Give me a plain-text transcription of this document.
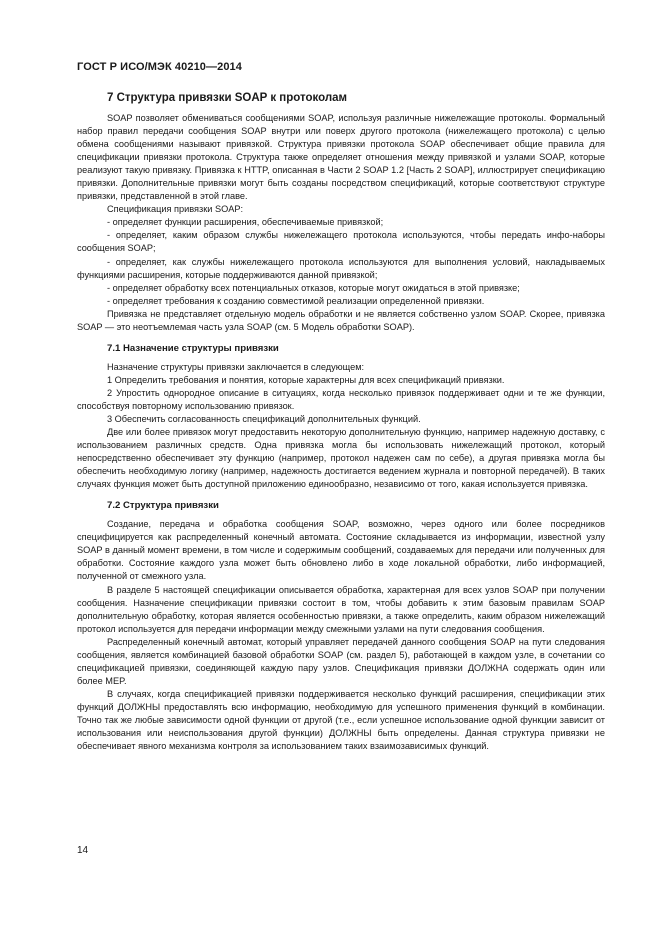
ГОСТ Р ИСО/МЭК 40210—2014
7 Структура привязки SOAP к протоколам

SOAP позволяет обмениваться сообщениями SOAP, используя различные нижележащие протоколы. Формальный набор правил передачи сообщения SOAP внутри или поверх другого протокола (нижележащего протокола) с целью обмена сообщениями называют привязкой. Структура привязки протокола SOAP обеспечивает общие правила для спецификации привязки протокола. Структура также определяет отношения между привязкой и узлами SOAP, которые реализуют такую привязку. Привязка к HTTP, описанная в Части 2 SOAP 1.2 [Часть 2 SOAP], иллюстрирует спецификацию привязки. Дополнительные привязки могут быть созданы посредством спецификаций, которые соответствуют структуре привязки, представленной в этой главе.

Спецификация привязки SOAP:

- определяет функции расширения, обеспечиваемые привязкой;

- определяет, каким образом службы нижележащего протокола используются, чтобы передать инфо-наборы сообщения SOAP;

- определяет, как службы нижележащего протокола используются для выполнения условий, накладываемых функциями расширения, которые поддерживаются данной привязкой;

- определяет обработку всех потенциальных отказов, которые могут ожидаться в этой привязке;

- определяет требования к созданию совместимой реализации определенной привязки.

Привязка не представляет отдельную модель обработки и не является собственно узлом SOAP. Скорее, привязка SOAP — это неотъемлемая часть узла SOAP (см. 5 Модель обработки SOAP).

7.1 Назначение структуры привязки

Назначение структуры привязки заключается в следующем:

1 Определить требования и понятия, которые характерны для всех спецификаций привязки.

2 Упростить однородное описание в ситуациях, когда несколько привязок поддерживает одни и те же функции, способствуя повторному использованию привязок.

3 Обеспечить согласованность спецификаций дополнительных функций.

Две или более привязок могут предоставить некоторую дополнительную функцию, например надежную доставку, с использованием различных средств. Одна привязка могла бы использовать нижележащий протокол, который непосредственно обеспечивает эту функцию (например, протокол надежен сам по себе), а другая привязка могла бы обеспечить необходимую логику (например, надежность достигается ведением журнала и повторной передачей). В таких случаях функция может быть доступной приложению единообразно, независимо от того, какая используется привязка.

7.2 Структура привязки

Создание, передача и обработка сообщения SOAP, возможно, через одного или более посредников специфицируется как распределенный конечный автомата. Состояние складывается из информации, известной узлу SOAP в данный момент времени, в том числе и содержимым сообщений, создаваемых для передачи или полученных для обработки. Состояние каждого узла может быть обновлено либо в ходе локальной обработки, либо информацией, полученной от смежного узла.

В разделе 5 настоящей спецификации описывается обработка, характерная для всех узлов SOAP при получении сообщения. Назначение спецификации привязки состоит в том, чтобы добавить к этим базовым правилам SOAP дополнительную обработку, которая является особенностью привязки, а также определить, каким образом нижележащий протокол используется для передачи информации между смежными узлами на пути следования сообщения.

Распределенный конечный автомат, который управляет передачей данного сообщения SOAP на пути следования сообщения, является комбинацией базовой обработки SOAP (см. раздел 5), работающей в каждом узле, в сочетании со спецификацией привязки, соединяющей каждую пару узлов. Спецификация привязки ДОЛЖНА содержать один или более MEP.

В случаях, когда спецификацией привязки поддерживается несколько функций расширения, спецификации этих функций ДОЛЖНЫ предоставлять всю информацию, необходимую для успешного применения функций в комбинации. Точно так же любые зависимости одной функции от другой (т.е., если успешное использование одной функции зависит от использования или неиспользования другой функции) ДОЛЖНЫ быть определены. Данная структура привязки не обеспечивает явного механизма контроля за использованием таких взаимозависимых функций.

14
